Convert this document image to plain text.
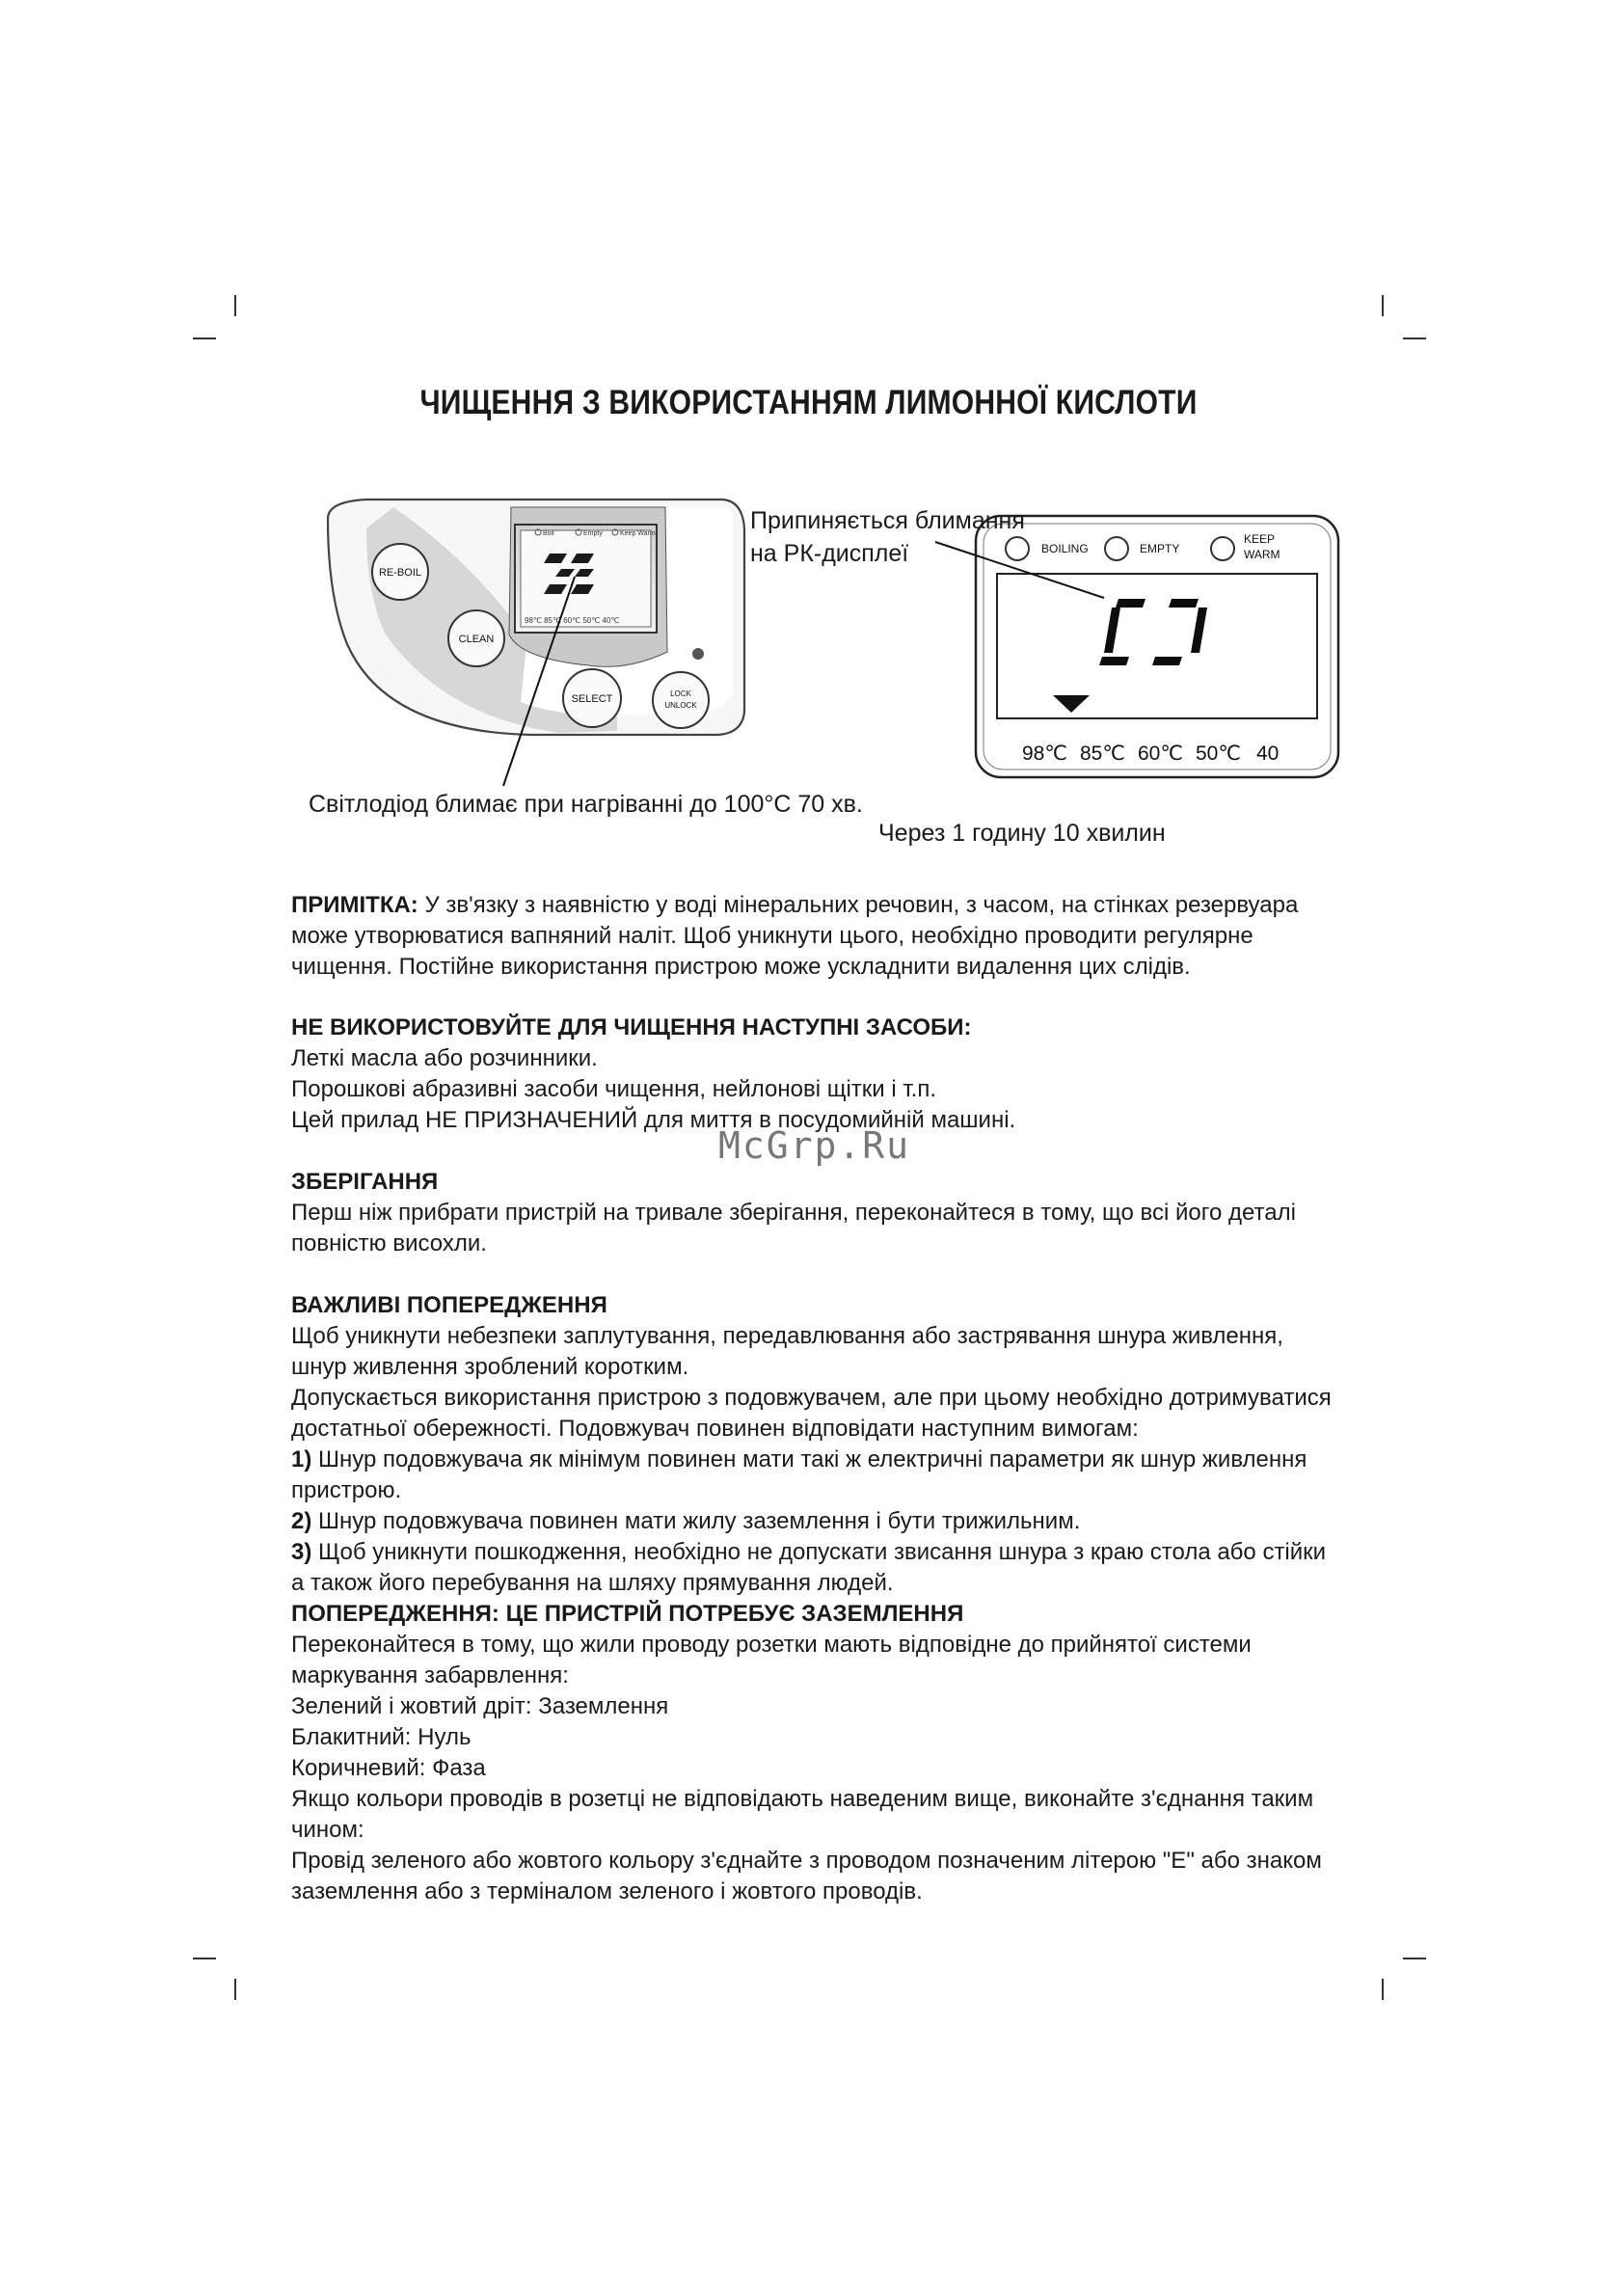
ЧИЩЕННЯ З ВИКОРИСТАННЯМ ЛИМОННОЇ КИСЛОТИ
Boil	Empty	Keep Warm
98℃ 85℃ 60℃ 50℃ 40℃
RE-BOIL
CLEAN
SELECT	LOCK
UNLOCK
BOILING	EMPTY
KEEP
WARM
98℃ 85℃ 60℃ 50℃ 40
Припиняється блимання
на РК-дисплеї
Світлодіод блимає при нагріванні до 100°C 70 хв.
Через 1 годину 10 хвилин

ПРИМІТКА: У зв'язку з наявністю у воді мінеральних речовин, з часом, на стінках резервуара може утворюватися вапняний наліт. Щоб уникнути цього, необхідно проводити регулярне чищення. Постійне використання пристрою може ускладнити видалення цих слідів.

НЕ ВИКОРИСТОВУЙТЕ ДЛЯ ЧИЩЕННЯ НАСТУПНІ ЗАСОБИ:

Леткі масла або розчинники.

Порошкові абразивні засоби чищення, нейлонові щітки і т.п.

Цей прилад НЕ ПРИЗНАЧЕНИЙ для миття в посудомийній машині.

McGrp.Ru

ЗБЕРІГАННЯ

Перш ніж прибрати пристрій на тривале зберігання, переконайтеся в тому, що всі його деталі повністю висохли.

ВАЖЛИВІ ПОПЕРЕДЖЕННЯ

Щоб уникнути небезпеки заплутування, передавлювання або застрявання шнура живлення, шнур живлення зроблений коротким.

Допускається використання пристрою з подовжувачем, але при цьому необхідно дотримуватися достатньої обережності. Подовжувач повинен відповідати наступним вимогам:

1) Шнур подовжувача як мінімум повинен мати такі ж електричні параметри як шнур живлення пристрою.

2) Шнур подовжувача повинен мати жилу заземлення і бути трижильним.

3) Щоб уникнути пошкодження, необхідно не допускати звисання шнура з краю стола або стійки а також його перебування на шляху прямування людей.

ПОПЕРЕДЖЕННЯ: ЦЕ ПРИСТРІЙ ПОТРЕБУЄ ЗАЗЕМЛЕННЯ

Переконайтеся в тому, що жили проводу розетки мають відповідне до прийнятої системи маркування забарвлення:

Зелений і жовтий дріт: Заземлення

Блакитний: Нуль

Коричневий: Фаза

Якщо кольори проводів в розетці не відповідають наведеним вище, виконайте з'єднання таким чином:

Провід зеленого або жовтого кольору з'єднайте з проводом позначеним літерою "E" або знаком заземлення або з терміналом зеленого і жовтого проводів.
